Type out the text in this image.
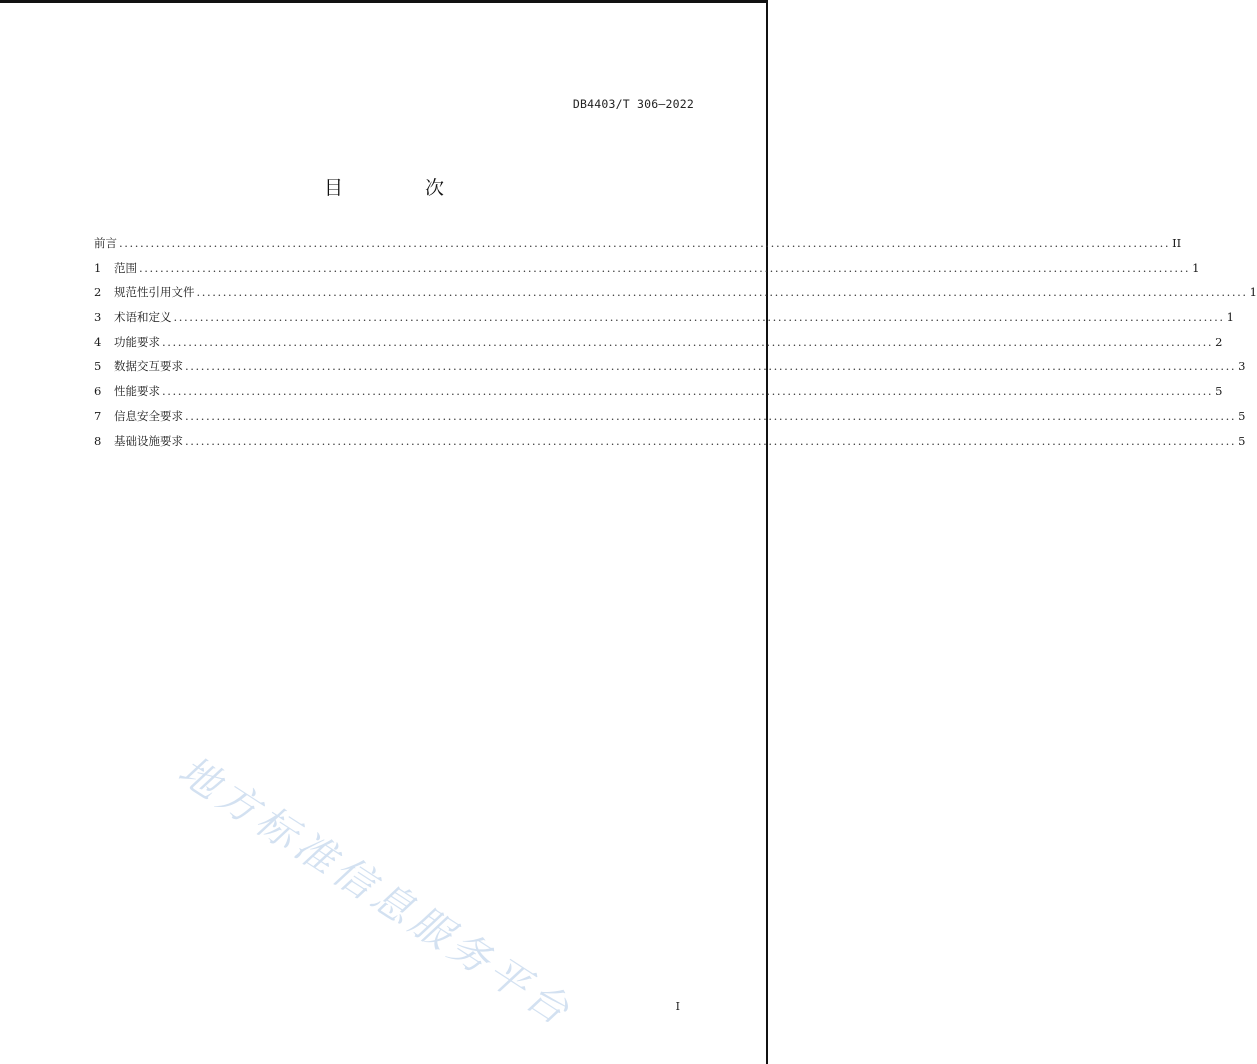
DB4403/T 306—2022
目 次
前言 ........................................................................................................................................................................................................ II
1	范围 ........................................................................................................................................................................................................ 1
2	规范性引用文件 ........................................................................................................................................................................................................ 1
3	术语和定义 ........................................................................................................................................................................................................ 1
4	功能要求 ........................................................................................................................................................................................................ 2
5	数据交互要求 ........................................................................................................................................................................................................ 3
6	性能要求 ........................................................................................................................................................................................................ 5
7	信息安全要求 ........................................................................................................................................................................................................ 5
8	基础设施要求 ........................................................................................................................................................................................................ 5
地方标准信息服务平台	I
